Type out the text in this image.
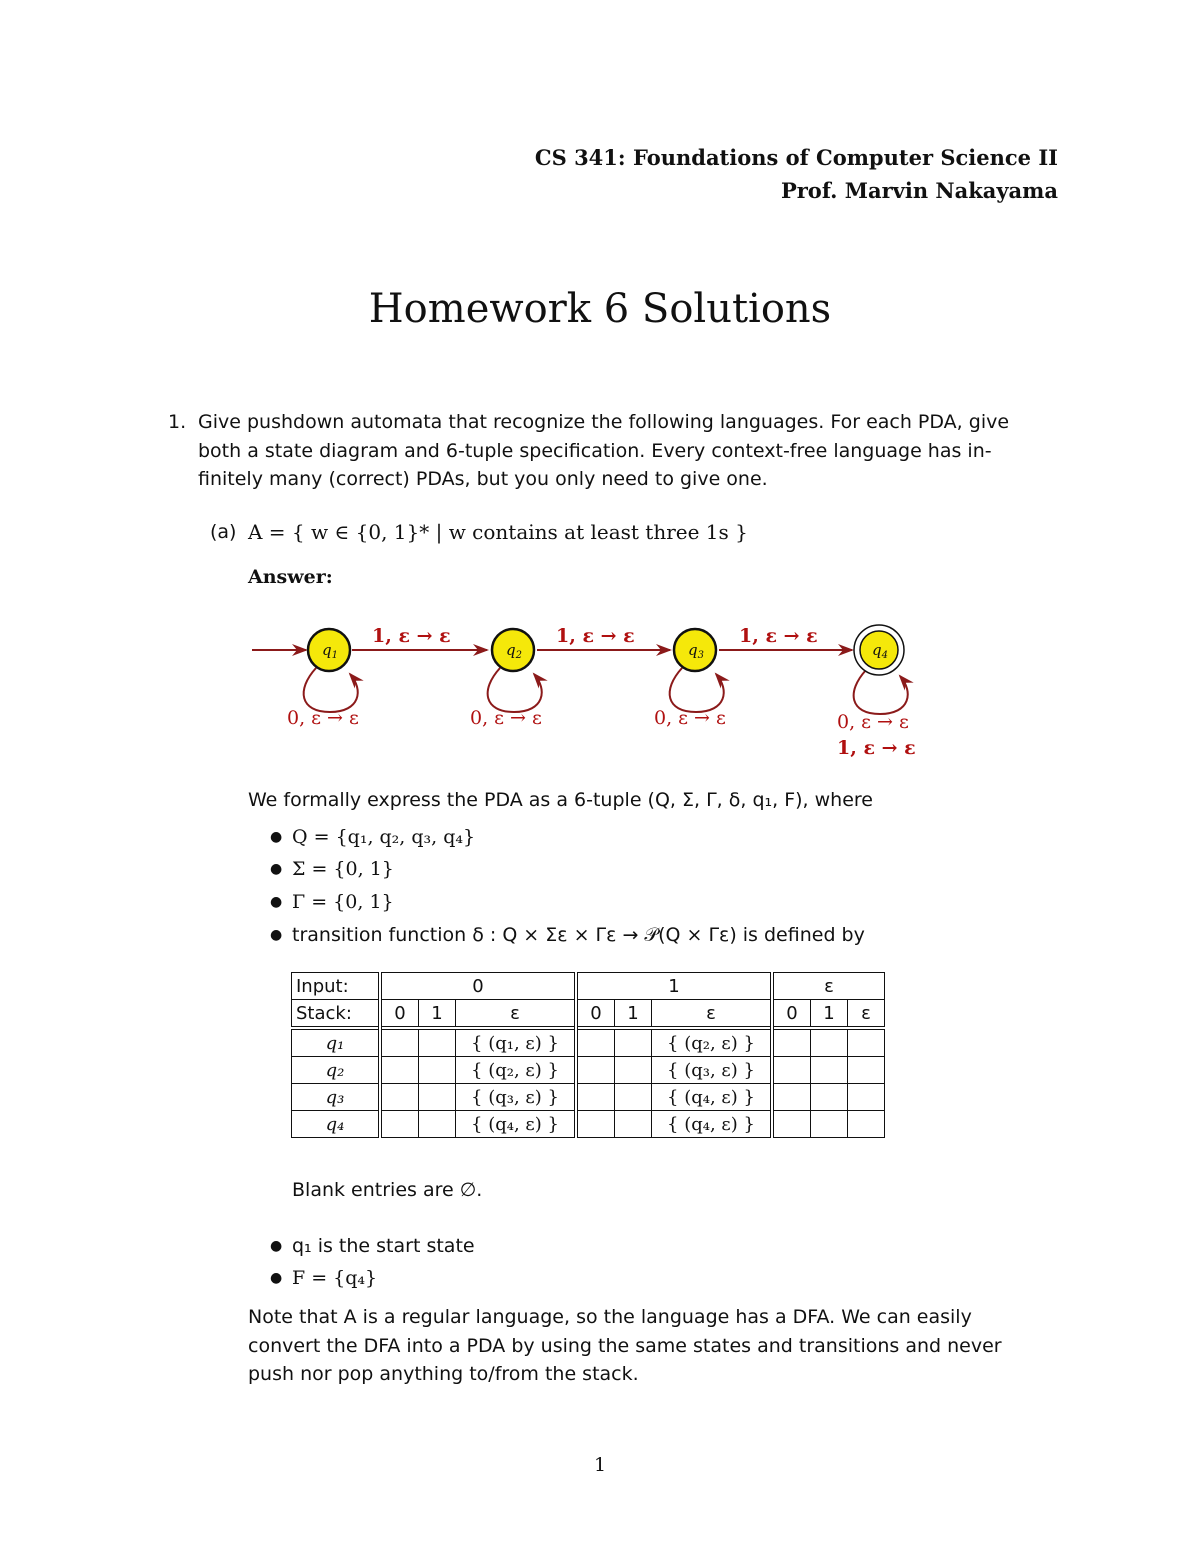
CS 341: Foundations of Computer Science II
Prof. Marvin Nakayama
Homework 6 Solutions
1. Give pushdown automata that recognize the following languages. For each PDA, give
both a state diagram and 6-tuple specification. Every context-free language has in-
finitely many (correct) PDAs, but you only need to give one.
(a) A = { w ∈ {0, 1}* | w contains at least three 1s }
Answer:
$q_1$	$q_2$	$q_3$	$q_4$
1, ε → ε	1, ε → ε	1, ε → ε
0, ε → ε	0, ε → ε	0, ε → ε	0, ε → ε
1, ε → ε
We formally express the PDA as a 6-tuple (Q, Σ, Γ, δ, q₁, F), where
● Q = {q₁, q₂, q₃, q₄}
● Σ = {0, 1}
● Γ = {0, 1}
● transition function δ : Q × Σε × Γε → 𝒫(Q × Γε) is defined by
Input:	0			1			ε		
Stack:	0	1	ε	0	1	ε	0	1	ε
q₁			{ (q₁, ε) }			{ (q₂, ε) }			
q₂			{ (q₂, ε) }			{ (q₃, ε) }			
q₃			{ (q₃, ε) }			{ (q₄, ε) }			
q₄			{ (q₄, ε) }			{ (q₄, ε) }			
Blank entries are ∅.
● q₁ is the start state
● F = {q₄}
Note that A is a regular language, so the language has a DFA. We can easily
convert the DFA into a PDA by using the same states and transitions and never
push nor pop anything to/from the stack.
1
